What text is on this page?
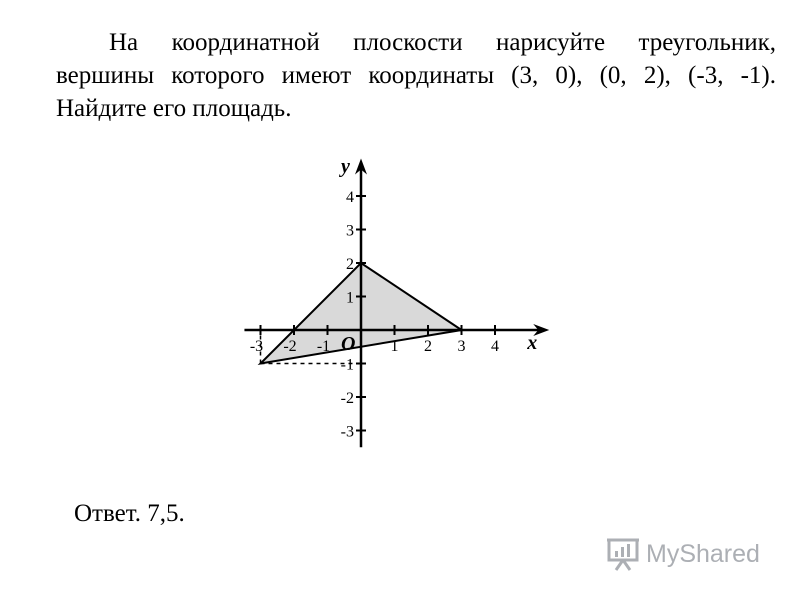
На координатной плоскости нарисуйте треугольник,
вершины которого имеют координаты (3, 0), (0, 2), (-3, -1).
Найдите его площадь.
-3 -2 -1	1 2 3 4
-3
-2
-1
1
2
3
4
x
y
O

Ответ. 7,5.

MyShared
